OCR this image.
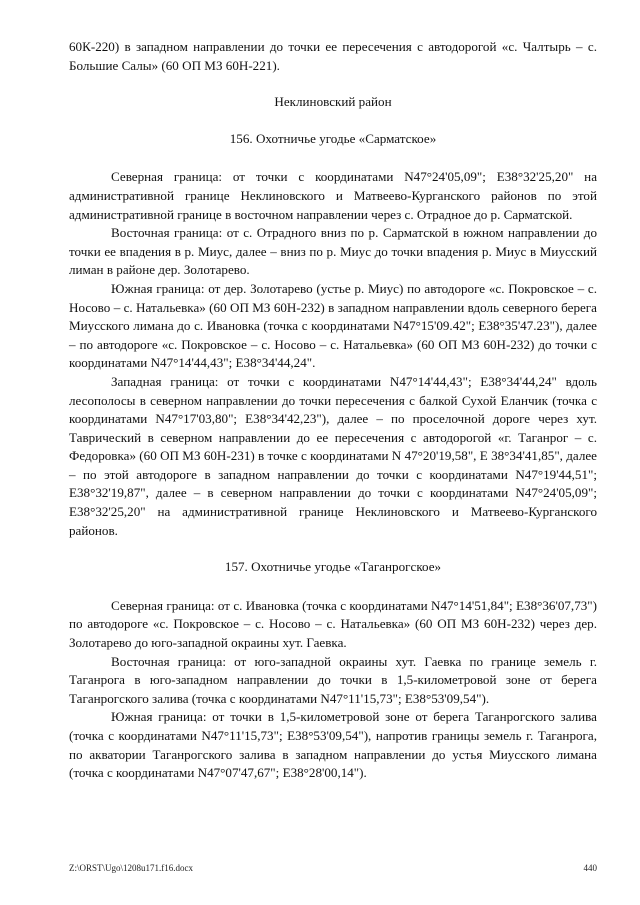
60К-220) в западном направлении до точки ее пересечения с автодорогой «с. Чалтырь – с. Большие Салы» (60 ОП МЗ 60Н-221).

Неклиновский район

156. Охотничье угодье «Сарматское»

Северная граница: от точки с координатами N47°24'05,09"; E38°32'25,20" на административной границе Неклиновского и Матвеево-Курганского районов по этой административной границе в восточном направлении через с. Отрадное до р. Сарматской.

Восточная граница: от с. Отрадного вниз по р. Сарматской в южном направлении до точки ее впадения в р. Миус, далее – вниз по р. Миус до точки впадения р. Миус в Миусский лиман в районе дер. Золотарево.

Южная граница: от дер. Золотарево (устье р. Миус) по автодороге «с. Покровское – с. Носово – с. Натальевка» (60 ОП МЗ 60Н-232) в западном направлении вдоль северного берега Миусского лимана до с. Ивановка (точка с координатами N47°15'09.42"; E38°35'47.23"), далее – по автодороге «с. Покровское – с. Носово – с. Натальевка» (60 ОП МЗ 60Н-232) до точки с координатами N47°14'44,43"; E38°34'44,24".

Западная граница: от точки с координатами N47°14'44,43"; E38°34'44,24" вдоль лесополосы в северном направлении до точки пересечения с балкой Сухой Еланчик (точка с координатами N47°17'03,80"; E38°34'42,23"), далее – по проселочной дороге через хут. Таврический в северном направлении до ее пересечения с автодорогой «г. Таганрог – с. Федоровка» (60 ОП МЗ 60Н-231) в точке с координатами N 47°20'19,58", E 38°34'41,85", далее – по этой автодороге в западном направлении до точки с координатами N47°19'44,51"; E38°32'19,87", далее – в северном направлении до точки с координатами N47°24'05,09"; E38°32'25,20" на административной границе Неклиновского и Матвеево-Курганского районов.

157. Охотничье угодье «Таганрогское»

Северная граница: от с. Ивановка (точка с координатами N47°14'51,84"; E38°36'07,73") по автодороге «с. Покровское – с. Носово – с. Натальевка» (60 ОП МЗ 60Н-232) через дер. Золотарево до юго-западной окраины хут. Гаевка.

Восточная граница: от юго-западной окраины хут. Гаевка по границе земель г. Таганрога в юго-западном направлении до точки в 1,5-километровой зоне от берега Таганрогского залива (точка с координатами N47°11'15,73"; E38°53'09,54").

Южная граница: от точки в 1,5-километровой зоне от берега Таганрогского залива (точка с координатами N47°11'15,73"; E38°53'09,54"), напротив границы земель г. Таганрога, по акватории Таганрогского залива в западном направлении до устья Миусского лимана (точка с координатами N47°07'47,67"; E38°28'00,14").

Z:\ORST\Ugo\1208u171.f16.docx	440
